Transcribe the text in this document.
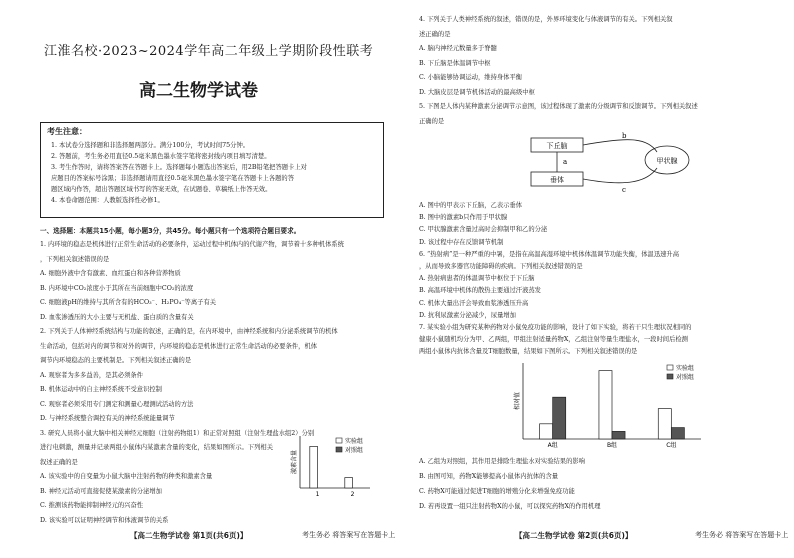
江淮名校·2023~2024学年高二年级上学期阶段性联考
高二生物学试卷
考生注意：
1. 本试卷分选择题和非选择题两部分。满分100分，考试时间75分钟。
2. 答题前，考生务必用直径0.5毫米黑色墨水签字笔将密封线内项目填写清楚。
3. 考生作答时，请将答案答在答题卡上。选择题每小题选出答案后，用2B铅笔把答题卡上对
应题目的答案标号涂黑；非选择题请用直径0.5毫米黑色墨水签字笔在答题卡上各题的答
题区域内作答，超出答题区域书写的答案无效，在试题卷、草稿纸上作答无效。
4. 本卷命题范围：人教版选择性必修1。
一、选择题：本题共15小题，每小题3分，共45分。每小题只有一个选项符合题目要求。
1. 内环境的稳态是机体进行正常生命活动的必要条件，运动过程中机体内的代谢产物，调节着十多种机体系统
，下列相关叙述错误的是
A. 细胞外液中含有激素、血红蛋白和各种营养物质
B. 内环境中CO₂浓度小于其所在当前细胞中CO₂的浓度
C. 细胞液pH的维持与其所含有的HCO₃⁻、H₂PO₄⁻等离子有关
D. 血浆渗透压的大小主要与无机盐、蛋白质的含量有关
2. 下列关于人体神经系统结构与功能的叙述，正确的是，在内环境中，由神经系统和内分泌系统调节的机体
生命活动，包括对内的调节和对外的调节，内环境的稳态是机体进行正常生命活动的必要条件，机体
调节内环境稳态的主要机制是。下列相关叙述正确的是
A. 观察者为多多益善，是其必须条件
B. 机体运动中的自主神经系统不受意识控制
C. 观察者必须采用专门测定和测量心理测试活动的方法
D. 与神经系统整合调控有关的神经系统能量调节
3. 研究人员将小鼠大脑中相关神经元细胞（注射药物组1）和正常对照组（注射生理盐水组2）分别
进行电刺激，测量并记录两组小鼠体内某激素含量的变化，结果如图所示。下列相关
叙述正确的是
A. 该实验中的自变量为小鼠大脑中注射药物的种类和激素含量
B. 神经元活动可直接促使某激素的分泌增加
C. 推测该药物能抑制神经元的兴奋性
D. 该实验可以证明神经调节和体液调节的关系
激素含量
1	2
实验组
对照组
【高二生物学试卷 第1页(共6页)】	考生务必 将答案写在答题卡上
4. 下列关于人类神经系统的叙述，错误的是，外界环境变化与体液调节的有关。下列相关叙
述正确的是
A. 脑内神经元数量多于脊髓
B. 下丘脑是体温调节中枢
C. 小脑能够协调运动，维持身体平衡
D. 大脑皮层是调节机体活动的最高级中枢
5. 下图是人体内某种激素分泌调节示意图，该过程体现了激素的分级调节和反馈调节。下列相关叙述
正确的是
下丘脑
垂体
甲状腺
a
b
c
A. 图中的甲表示下丘脑，乙表示垂体
B. 图中的激素b只作用于甲状腺
C. 甲状腺激素含量过高时会抑制甲和乙的分泌
D. 该过程中存在反馈调节机制
6. “热射病”是一种严重的中暑，是指在高温高湿环境中机体体温调节功能失衡，体温迅速升高
，从而导致多器官功能障碍的疾病。下列相关叙述错误的是
A. 热射病患者的体温调节中枢位于下丘脑
B. 高温环境中机体的散热主要通过汗液蒸发
C. 机体大量出汗会导致血浆渗透压升高
D. 抗利尿激素分泌减少，尿量增加
7. 某实验小组为研究某种药物对小鼠免疫功能的影响，设计了如下实验，将若干只生理状况相同的
健康小鼠随机均分为甲、乙两组，甲组注射适量药物X，乙组注射等量生理盐水，一段时间后检测
两组小鼠体内抗体含量及T细胞数量，结果如下图所示。下列相关叙述错误的是
相对值
A组	B组	C组
实验组
对照组
A. 乙组为对照组，其作用是排除生理盐水对实验结果的影响
B. 由图可知，药物X能够提高小鼠体内抗体的含量
C. 药物X可能通过促进T细胞的增殖分化来增强免疫功能
D. 若再设置一组只注射药物X的小鼠，可以探究药物X的作用机理
【高二生物学试卷 第2页(共6页)】	考生务必 将答案写在答题卡上
